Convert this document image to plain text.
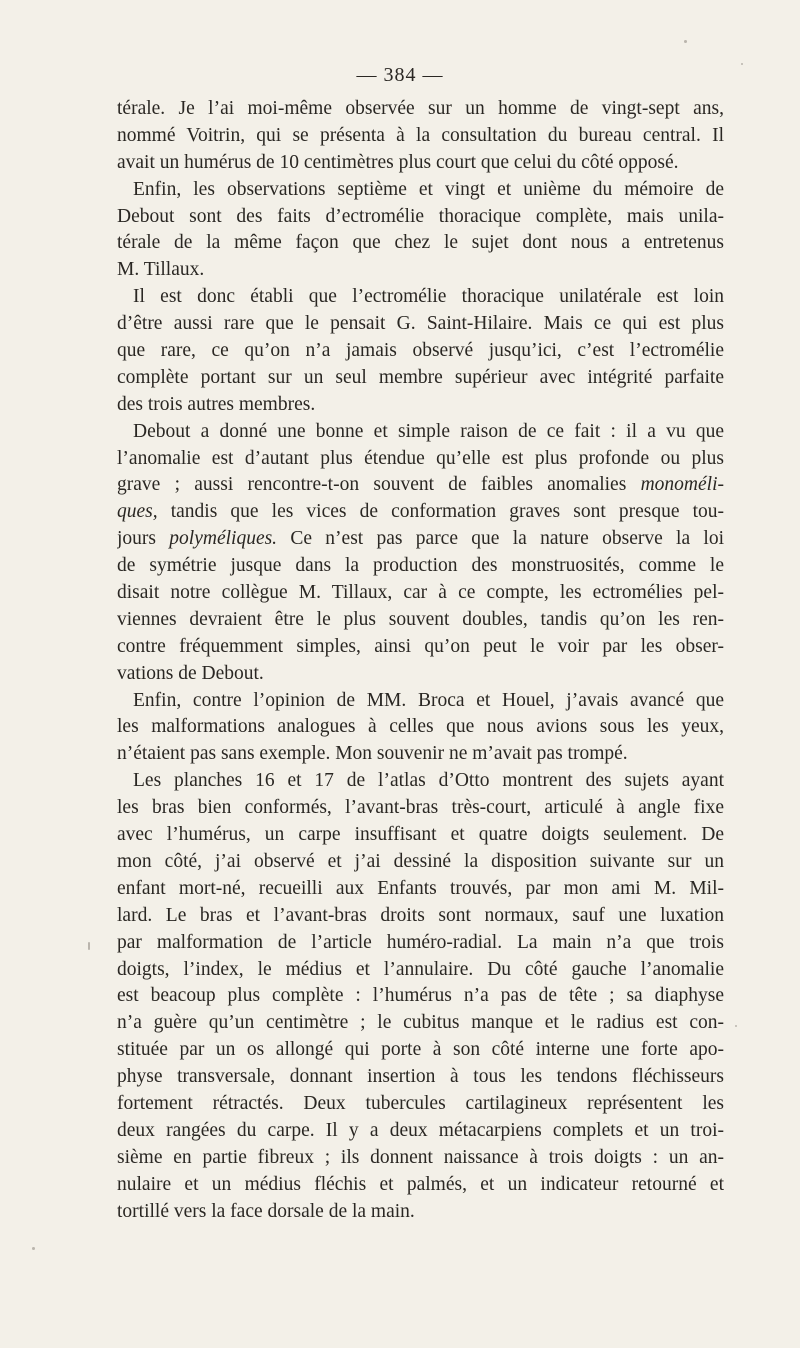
— 384 —
térale. Je l’ai moi-même observée sur un homme de vingt-sept ans,
nommé Voitrin, qui se présenta à la consultation du bureau central. Il
avait un humérus de 10 centimètres plus court que celui du côté opposé.
Enfin, les observations septième et vingt et unième du mémoire de
Debout sont des faits d’ectromélie thoracique complète, mais unila-
térale de la même façon que chez le sujet dont nous a entretenus
M. Tillaux.
Il est donc établi que l’ectromélie thoracique unilatérale est loin
d’être aussi rare que le pensait G. Saint-Hilaire. Mais ce qui est plus
que rare, ce qu’on n’a jamais observé jusqu’ici, c’est l’ectromélie
complète portant sur un seul membre supérieur avec intégrité parfaite
des trois autres membres.
Debout a donné une bonne et simple raison de ce fait : il a vu que
l’anomalie est d’autant plus étendue qu’elle est plus profonde ou plus
grave ; aussi rencontre-t-on souvent de faibles anomalies monoméli-
ques, tandis que les vices de conformation graves sont presque tou-
jours polyméliques. Ce n’est pas parce que la nature observe la loi
de symétrie jusque dans la production des monstruosités, comme le
disait notre collègue M. Tillaux, car à ce compte, les ectromélies pel-
viennes devraient être le plus souvent doubles, tandis qu’on les ren-
contre fréquemment simples, ainsi qu’on peut le voir par les obser-
vations de Debout.
Enfin, contre l’opinion de MM. Broca et Houel, j’avais avancé que
les malformations analogues à celles que nous avions sous les yeux,
n’étaient pas sans exemple. Mon souvenir ne m’avait pas trompé.
Les planches 16 et 17 de l’atlas d’Otto montrent des sujets ayant
les bras bien conformés, l’avant-bras très-court, articulé à angle fixe
avec l’humérus, un carpe insuffisant et quatre doigts seulement. De
mon côté, j’ai observé et j’ai dessiné la disposition suivante sur un
enfant mort-né, recueilli aux Enfants trouvés, par mon ami M. Mil-
lard. Le bras et l’avant-bras droits sont normaux, sauf une luxation
par malformation de l’article huméro-radial. La main n’a que trois
doigts, l’index, le médius et l’annulaire. Du côté gauche l’anomalie
est beacoup plus complète : l’humérus n’a pas de tête ; sa diaphyse
n’a guère qu’un centimètre ; le cubitus manque et le radius est con-
stituée par un os allongé qui porte à son côté interne une forte apo-
physe transversale, donnant insertion à tous les tendons fléchisseurs
fortement rétractés. Deux tubercules cartilagineux représentent les
deux rangées du carpe. Il y a deux métacarpiens complets et un troi-
sième en partie fibreux ; ils donnent naissance à trois doigts : un an-
nulaire et un médius fléchis et palmés, et un indicateur retourné et
tortillé vers la face dorsale de la main.
